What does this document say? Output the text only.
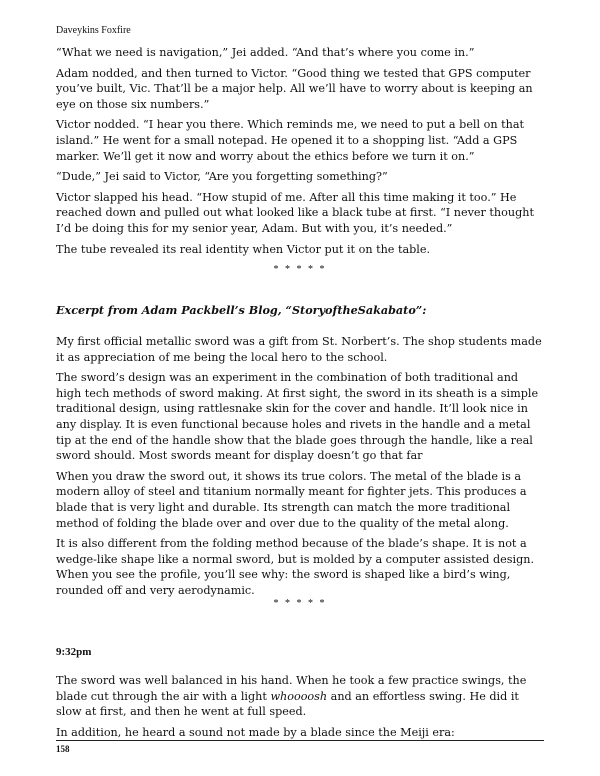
Daveykins Foxfire

“What we need is navigation,” Jei added. “And that’s where you come in.”

Adam nodded, and then turned to Victor. “Good thing we tested that GPS computer you’ve built, Vic. That’ll be a major help. All we’ll have to worry about is keeping an eye on those six numbers.”

Victor nodded. “I hear you there. Which reminds me, we need to put a bell on that island.” He went for a small notepad. He opened it to a shopping list. “Add a GPS marker. We’ll get it now and worry about the ethics before we turn it on.”

“Dude,” Jei said to Victor, “Are you forgetting something?”

Victor slapped his head. “How stupid of me. After all this time making it too.” He reached down and pulled out what looked like a black tube at first. “I never thought I’d be doing this for my senior year, Adam. But with you, it’s needed.”

The tube revealed its real identity when Victor put it on the table.

* * * * *
Excerpt from Adam Packbell’s Blog, “StoryoftheSakabato”:

My first official metallic sword was a gift from St. Norbert’s. The shop students made it as appreciation of me being the local hero to the school.

The sword’s design was an experiment in the combination of both traditional and high tech methods of sword making. At first sight, the sword in its sheath is a simple traditional design, using rattlesnake skin for the cover and handle. It’ll look nice in any display. It is even functional because holes and rivets in the handle and a metal tip at the end of the handle show that the blade goes through the handle, like a real sword should. Most swords meant for display doesn’t go that far

When you draw the sword out, it shows its true colors. The metal of the blade is a modern alloy of steel and titanium normally meant for fighter jets. This produces a blade that is very light and durable. Its strength can match the more traditional method of folding the blade over and over due to the quality of the metal along.

It is also different from the folding method because of the blade’s shape. It is not a wedge-like shape like a normal sword, but is molded by a computer assisted design. When you see the profile, you’ll see why: the sword is shaped like a bird’s wing, rounded off and very aerodynamic.

* * * * *
9:32pm

The sword was well balanced in his hand. When he took a few practice swings, the blade cut through the air with a light whoooosh and an effortless swing. He did it slow at first, and then he went at full speed.

In addition, he heard a sound not made by a blade since the Meiji era:

158
